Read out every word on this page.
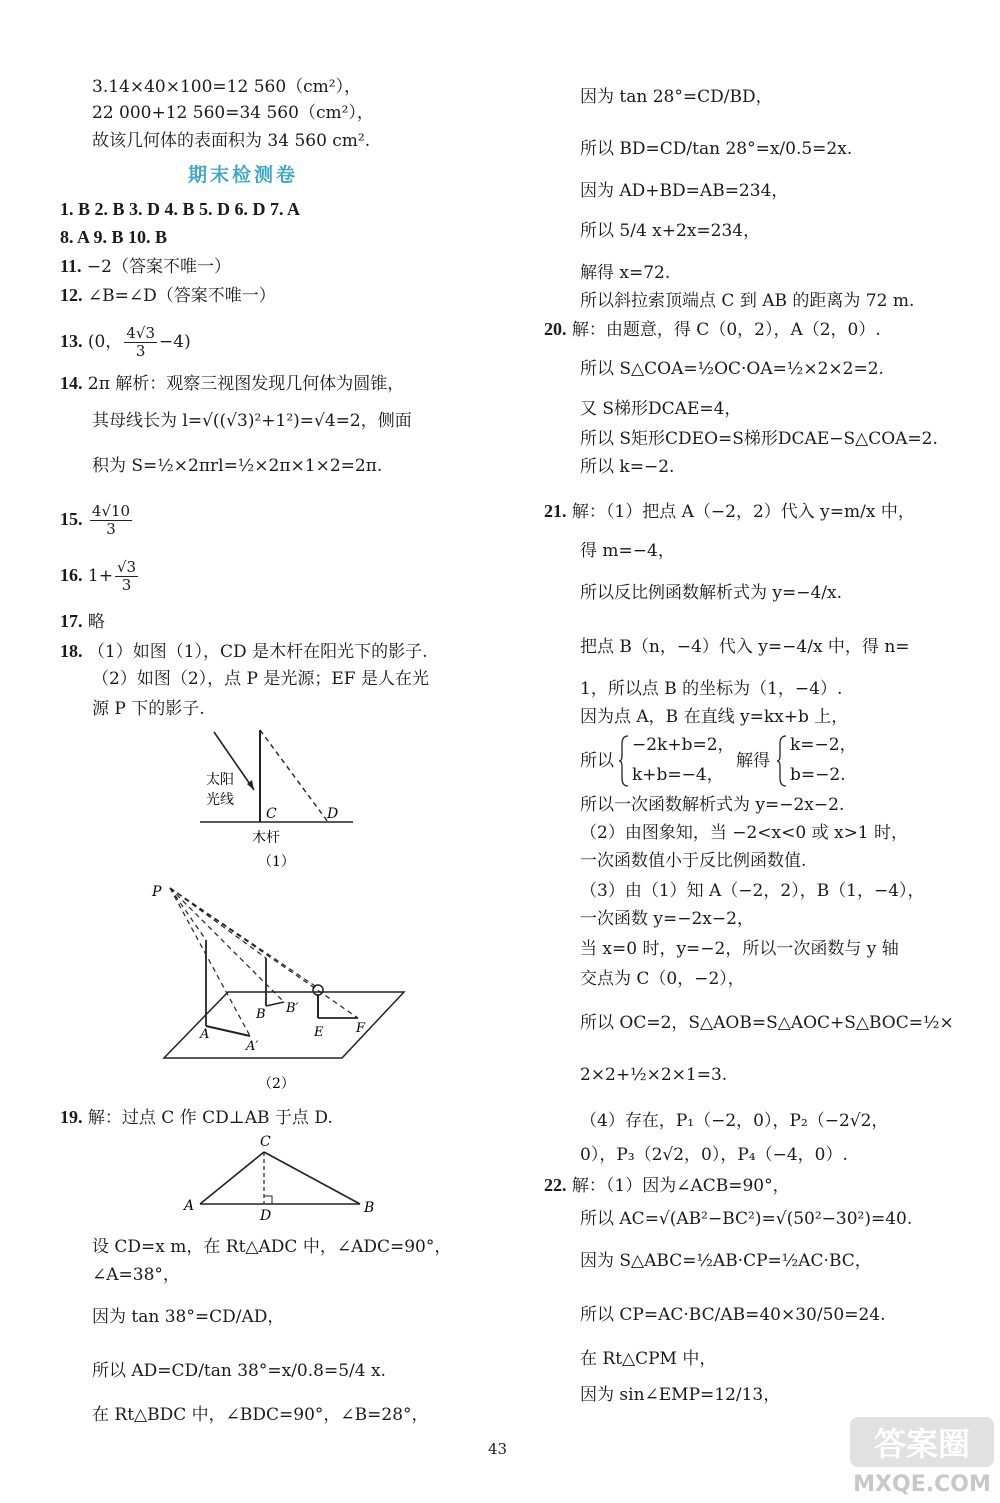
3.14×40×100=12 560（cm²），
22 000+12 560=34 560（cm²），
故该几何体的表面积为 34 560 cm².
期末检测卷
1. B 2. B 3. D 4. B 5. D 6. D 7. A
8. A 9. B 10. B
11. −2（答案不唯一）
12. ∠B=∠D（答案不唯一）
13. (0， $\frac{4√3}{3} -4$)
14. 2π 解析：观察三视图发现几何体为圆锥，
其母线长为 l=√((√3)²+1²)=√4=2，侧面
积为 S=½×2πrl=½×2π×1×2=2π.
15. $\frac{4√10}{3}$
16. $1+ \frac{√3}{3}$
17. 略
18. （1）如图（1），CD 是木杆在阳光下的影子.
（2）如图（2），点 P 是光源；EF 是人在光
源 P 下的影子.
太阳
光线
C	D
木杆
（1）
P
A
A′
B B′
E	F
（2）
19. 解：过点 C 作 CD⊥AB 于点 D.
C
A	B
D
设 CD=x m，在 Rt△ADC 中，∠ADC=90°，
∠A=38°，
因为 tan 38°=CD/AD，
所以 AD=CD/tan 38°=x/0.8=5/4 x.
在 Rt△BDC 中，∠BDC=90°，∠B=28°，
因为 tan 28°=CD/BD，
所以 BD=CD/tan 28°=x/0.5=2x.
因为 AD+BD=AB=234，
所以 5/4 x+2x=234，
解得 x=72.
所以斜拉索顶端点 C 到 AB 的距离为 72 m.
20. 解：由题意，得 C（0，2），A（2，0）.
所以 S△COA=½OC·OA=½×2×2=2.
又 S梯形DCAE=4，
所以 S矩形CDEO=S梯形DCAE−S△COA=2.
所以 k=−2.
21. 解：（1）把点 A（−2，2）代入 y=m/x 中，
得 m=−4，
所以反比例函数解析式为 y=−4/x.
把点 B（n，−4）代入 y=−4/x 中，得 n=
1，所以点 B 的坐标为（1，−4）.
因为点 A，B 在直线 y=kx+b 上，
所以
−2k+b=2，
k+b=−4，
解得
k=−2，
b=−2.
所以一次函数解析式为 y=−2x−2.
（2）由图象知，当 −2<x<0 或 x>1 时，
一次函数值小于反比例函数值.
（3）由（1）知 A（−2，2），B（1，−4），
一次函数 y=−2x−2，
当 x=0 时，y=−2，所以一次函数与 y 轴
交点为 C（0，−2），
所以 OC=2，S△AOB=S△AOC+S△BOC=½×
2×2+½×2×1=3.
（4）存在，P₁（−2，0），P₂（−2√2，
0），P₃（2√2，0），P₄（−4，0）.
22. 解：（1）因为∠ACB=90°，
所以 AC=√(AB²−BC²)=√(50²−30²)=40.
因为 S△ABC=½AB·CP=½AC·BC，
所以 CP=AC·BC/AB=40×30/50=24.
在 Rt△CPM 中，
因为 sin∠EMP=12/13，
43	答案圈
MXQE.COM
